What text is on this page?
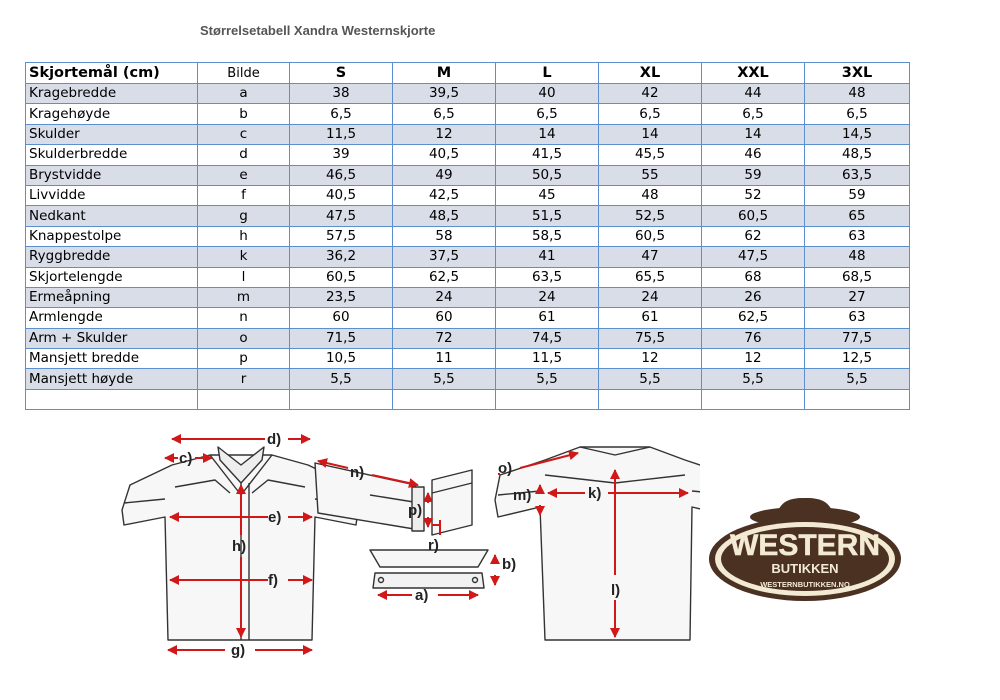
Størrelsetabell Xandra Westernskjorte
Skjortemål (cm)	Bilde	S	M	L	XL	XXL	3XL
Kragebredde	a	38	39,5	40	42	44	48
Kragehøyde	b	6,5	6,5	6,5	6,5	6,5	6,5
Skulder	c	11,5	12	14	14	14	14,5
Skulderbredde	d	39	40,5	41,5	45,5	46	48,5
Brystvidde	e	46,5	49	50,5	55	59	63,5
Livvidde	f	40,5	42,5	45	48	52	59
Nedkant	g	47,5	48,5	51,5	52,5	60,5	65
Knappestolpe	h	57,5	58	58,5	60,5	62	63
Ryggbredde	k	36,2	37,5	41	47	47,5	48
Skjortelengde	l	60,5	62,5	63,5	65,5	68	68,5
Ermeåpning	m	23,5	24	24	24	26	27
Armlengde	n	60	60	61	61	62,5	63
Arm + Skulder	o	71,5	72	74,5	75,5	76	77,5
Mansjett bredde	p	10,5	11	11,5	12	12	12,5
Mansjett høyde	r	5,5	5,5	5,5	5,5	5,5	5,5

d)
c)
e)
h)
f)
g)
n)
p)
r)
o)
m)	k)
l)
b)
a)
WESTERN
BUTIKKEN
WESTERNBUTIKKEN.NO
